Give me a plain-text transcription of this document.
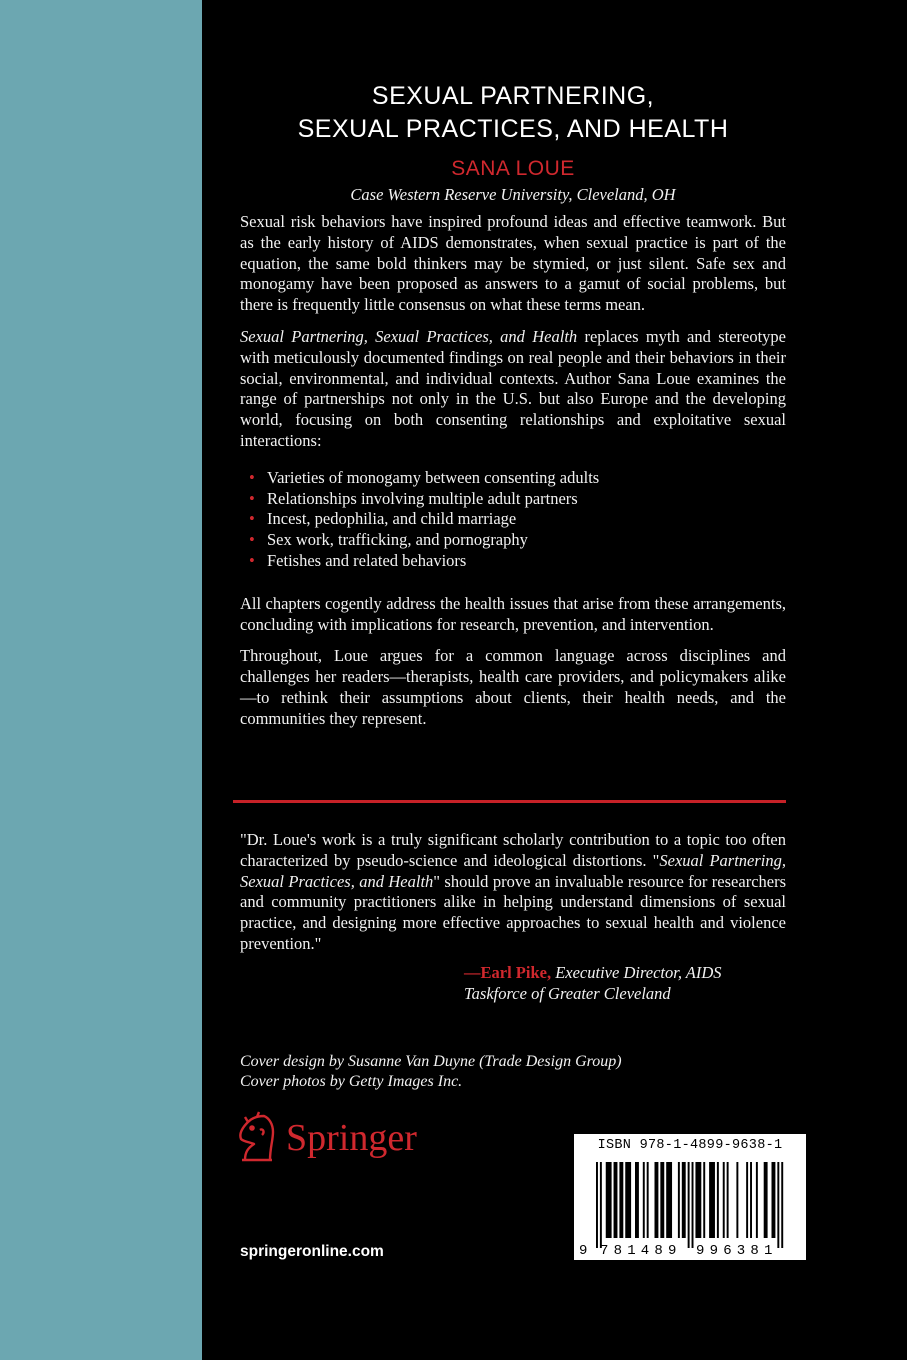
SEXUAL PARTNERING,
SEXUAL PRACTICES, AND HEALTH
SANA LOUE
Case Western Reserve University, Cleveland, OH

Sexual risk behaviors have inspired profound ideas and effective teamwork. But as the early history of AIDS demonstrates, when sexual practice is part of the equation, the same bold thinkers may be stymied, or just silent. Safe sex and monogamy have been proposed as answers to a gamut of social problems, but there is frequently little consensus on what these terms mean.

Sexual Partnering, Sexual Practices, and Health replaces myth and stereotype with meticulously documented findings on real people and their behaviors in their social, environmental, and individual contexts. Author Sana Loue examines the range of partnerships not only in the U.S. but also Europe and the developing world, focusing on both consenting relationships and exploitative sexual interactions:

• Varieties of monogamy between consenting adults
• Relationships involving multiple adult partners
• Incest, pedophilia, and child marriage
• Sex work, trafficking, and pornography
• Fetishes and related behaviors

All chapters cogently address the health issues that arise from these arrangements, concluding with implications for research, prevention, and intervention.

Throughout, Loue argues for a common language across disciplines and challenges her readers—therapists, health care providers, and policymakers alike—to rethink their assumptions about clients, their health needs, and the communities they represent.

"Dr. Loue's work is a truly significant scholarly contribution to a topic too often characterized by pseudo-science and ideological distortions. "Sexual Partnering, Sexual Practices, and Health" should prove an invaluable resource for researchers and community practitioners alike in helping understand dimensions of sexual practice, and designing more effective approaches to sexual health and violence prevention."

—Earl Pike, Executive Director, AIDS Taskforce of Greater Cleveland
Cover design by Susanne Van Duyne (Trade Design Group)
Cover photos by Getty Images Inc.
Springer
springeronline.com
ISBN 978-1-4899-9638-1
9 781489 996381
